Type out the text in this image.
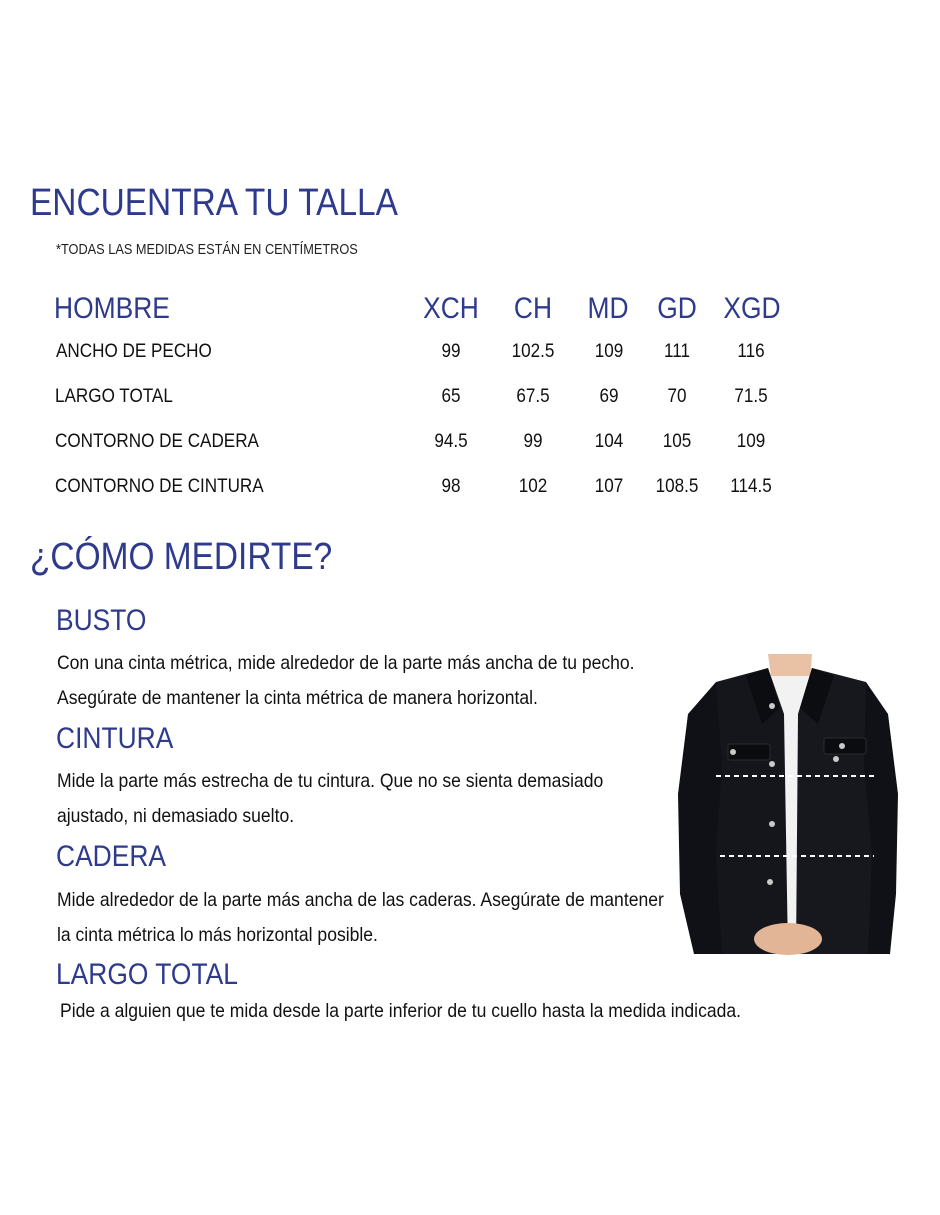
ENCUENTRA TU TALLA
*TODAS LAS MEDIDAS ESTÁN EN CENTÍMETROS
HOMBRE	XCH	CH	MD GD XGD
ANCHO DE PECHO	99	102.5	109	111	116
LARGO TOTAL	65	67.5	69	70	71.5
CONTORNO DE CADERA	94.5	99	104	105	109
CONTORNO DE CINTURA	98	102	107	108.5	114.5
¿CÓMO MEDIRTE?
BUSTO

Con una cinta métrica, mide alrededor de la parte más ancha de tu pecho. Asegúrate de mantener la cinta métrica de manera horizontal.

CINTURA

Mide la parte más estrecha de tu cintura. Que no se sienta demasiado ajustado, ni demasiado suelto.

CADERA

Mide alrededor de la parte más ancha de las caderas. Asegúrate de mantener la cinta métrica lo más horizontal posible.

LARGO TOTAL

Pide a alguien que te mida desde la parte inferior de tu cuello hasta la medida indicada.
